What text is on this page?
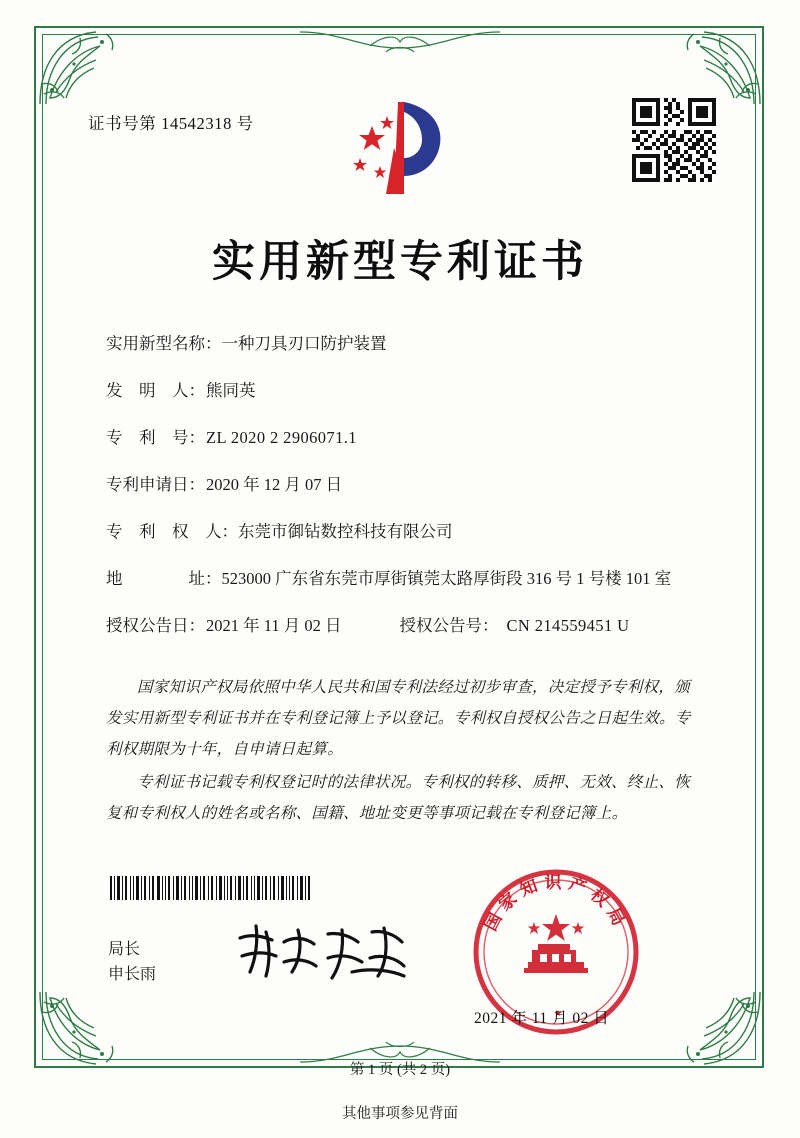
证书号第 14542318 号
实用新型专利证书
实用新型名称： 一种刀具刃口防护装置
发　明　人： 熊同英
专　利　号： ZL 2020 2 2906071.1
专利申请日： 2020 年 12 月 07 日
专　利　权　人： 东莞市御钻数控科技有限公司
地　　　　址： 523000 广东省东莞市厚街镇莞太路厚街段 316 号 1 号楼 101 室
授权公告日： 2021 年 11 月 02 日	授权公告号： CN 214559451 U

国家知识产权局依照中华人民共和国专利法经过初步审查，决定授予专利权，颁发实用新型专利证书并在专利登记簿上予以登记。专利权自授权公告之日起生效。专利权期限为十年，自申请日起算。

专利证书记载专利权登记时的法律状况。专利权的转移、质押、无效、终止、恢复和专利权人的姓名或名称、国籍、地址变更等事项记载在专利登记簿上。

局长
申长雨
国家知识产权局
2021 年 11 月 02 日
第 1 页 (共 2 页)
其他事项参见背面
